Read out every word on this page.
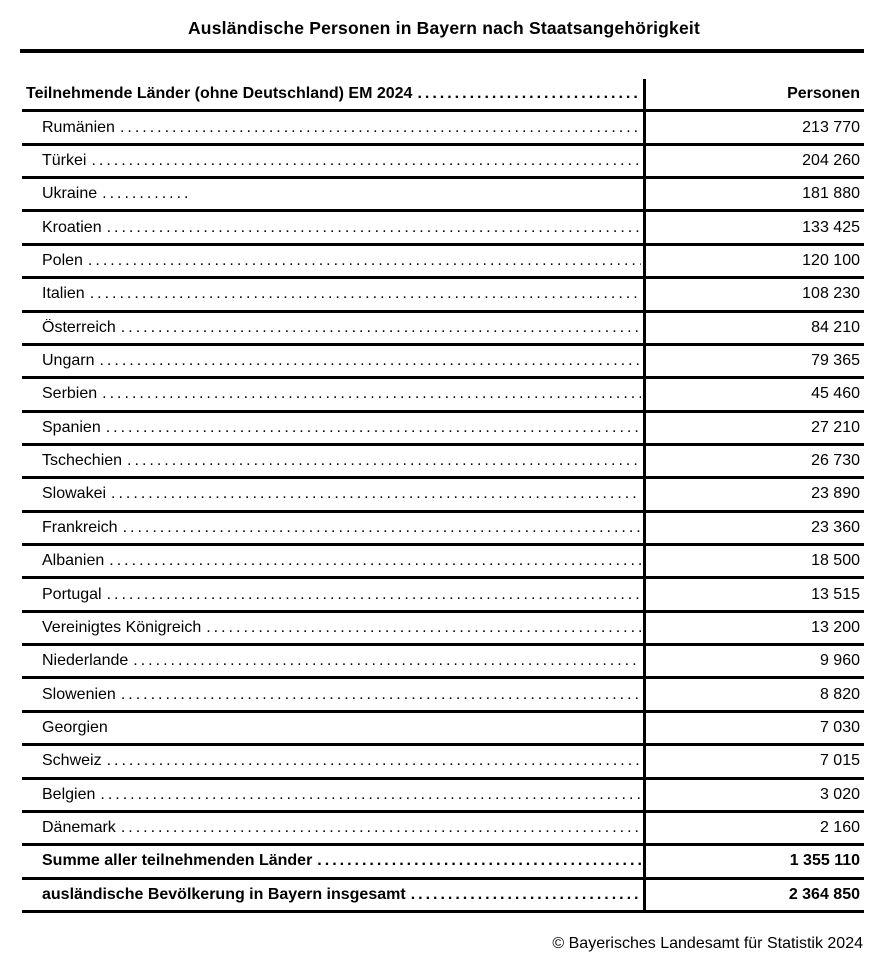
Ausländische Personen in Bayern nach Staatsangehörigkeit
Teilnehmende Länder (ohne Deutschland) EM 2024 .....	Personen
Rumänien .....	213 770
Türkei .....	204 260
Ukraine ............	181 880
Kroatien .....	133 425
Polen .....	120 100
Italien .....	108 230
Österreich .....	84 210
Ungarn .....	79 365
Serbien .....	45 460
Spanien .....	27 210
Tschechien .....	26 730
Slowakei .....	23 890
Frankreich .....	23 360
Albanien .....	18 500
Portugal .....	13 515
Vereinigtes Königreich .....	13 200
Niederlande .....	9 960
Slowenien .....	8 820
Georgien	7 030
Schweiz .....	7 015
Belgien .....	3 020
Dänemark .....	2 160
Summe aller teilnehmenden Länder .....	1 355 110
ausländische Bevölkerung in Bayern insgesamt .....	2 364 850
© Bayerisches Landesamt für Statistik 2024
